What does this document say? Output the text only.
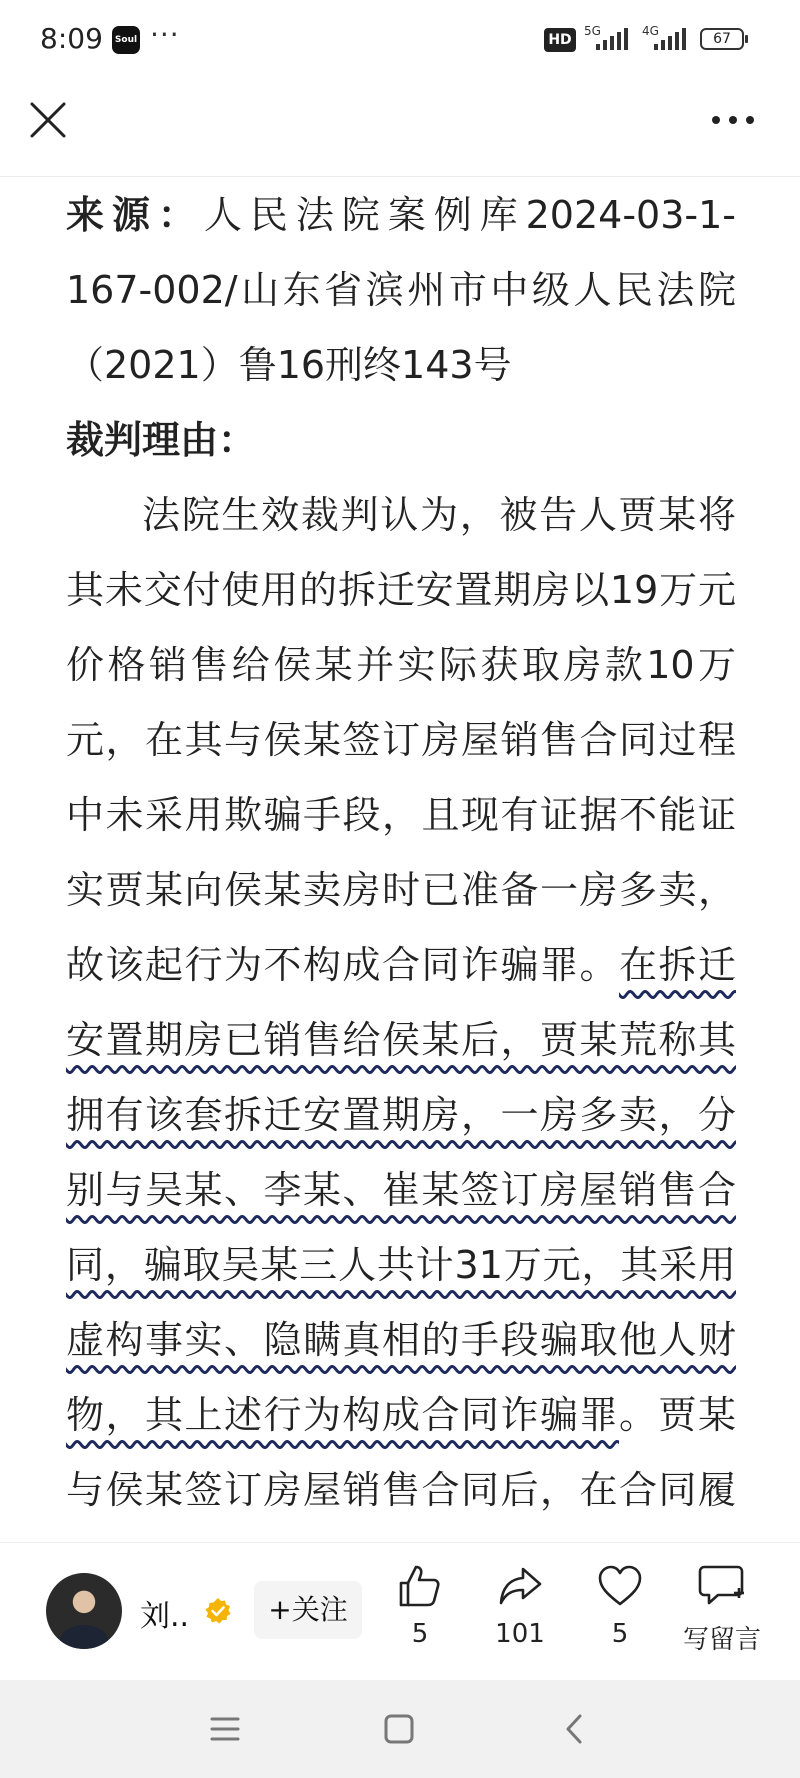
8:09	Soul ···	HD
5G	4G	67
来源：人民法院案例库2024-03-1-
167-002/山东省滨州市中级人民法院
（2021）鲁16刑终143号
裁判理由：
法院生效裁判认为，被告人贾某将
其未交付使用的拆迁安置期房以19万元
价格销售给侯某并实际获取房款10万
元，在其与侯某签订房屋销售合同过程
中未采用欺骗手段，且现有证据不能证
实贾某向侯某卖房时已准备一房多卖，
故该起行为不构成合同诈骗罪。在拆迁
安置期房已销售给侯某后，贾某荒称其
拥有该套拆迁安置期房，一房多卖，分
别与吴某、李某、崔某签订房屋销售合
同，骗取吴某三人共计31万元，其采用
虚构事实、隐瞒真相的手段骗取他人财
物，其上述行为构成合同诈骗罪。贾某
与侯某签订房屋销售合同后，在合同履
刘..	+关注
5	101	5	写留言
